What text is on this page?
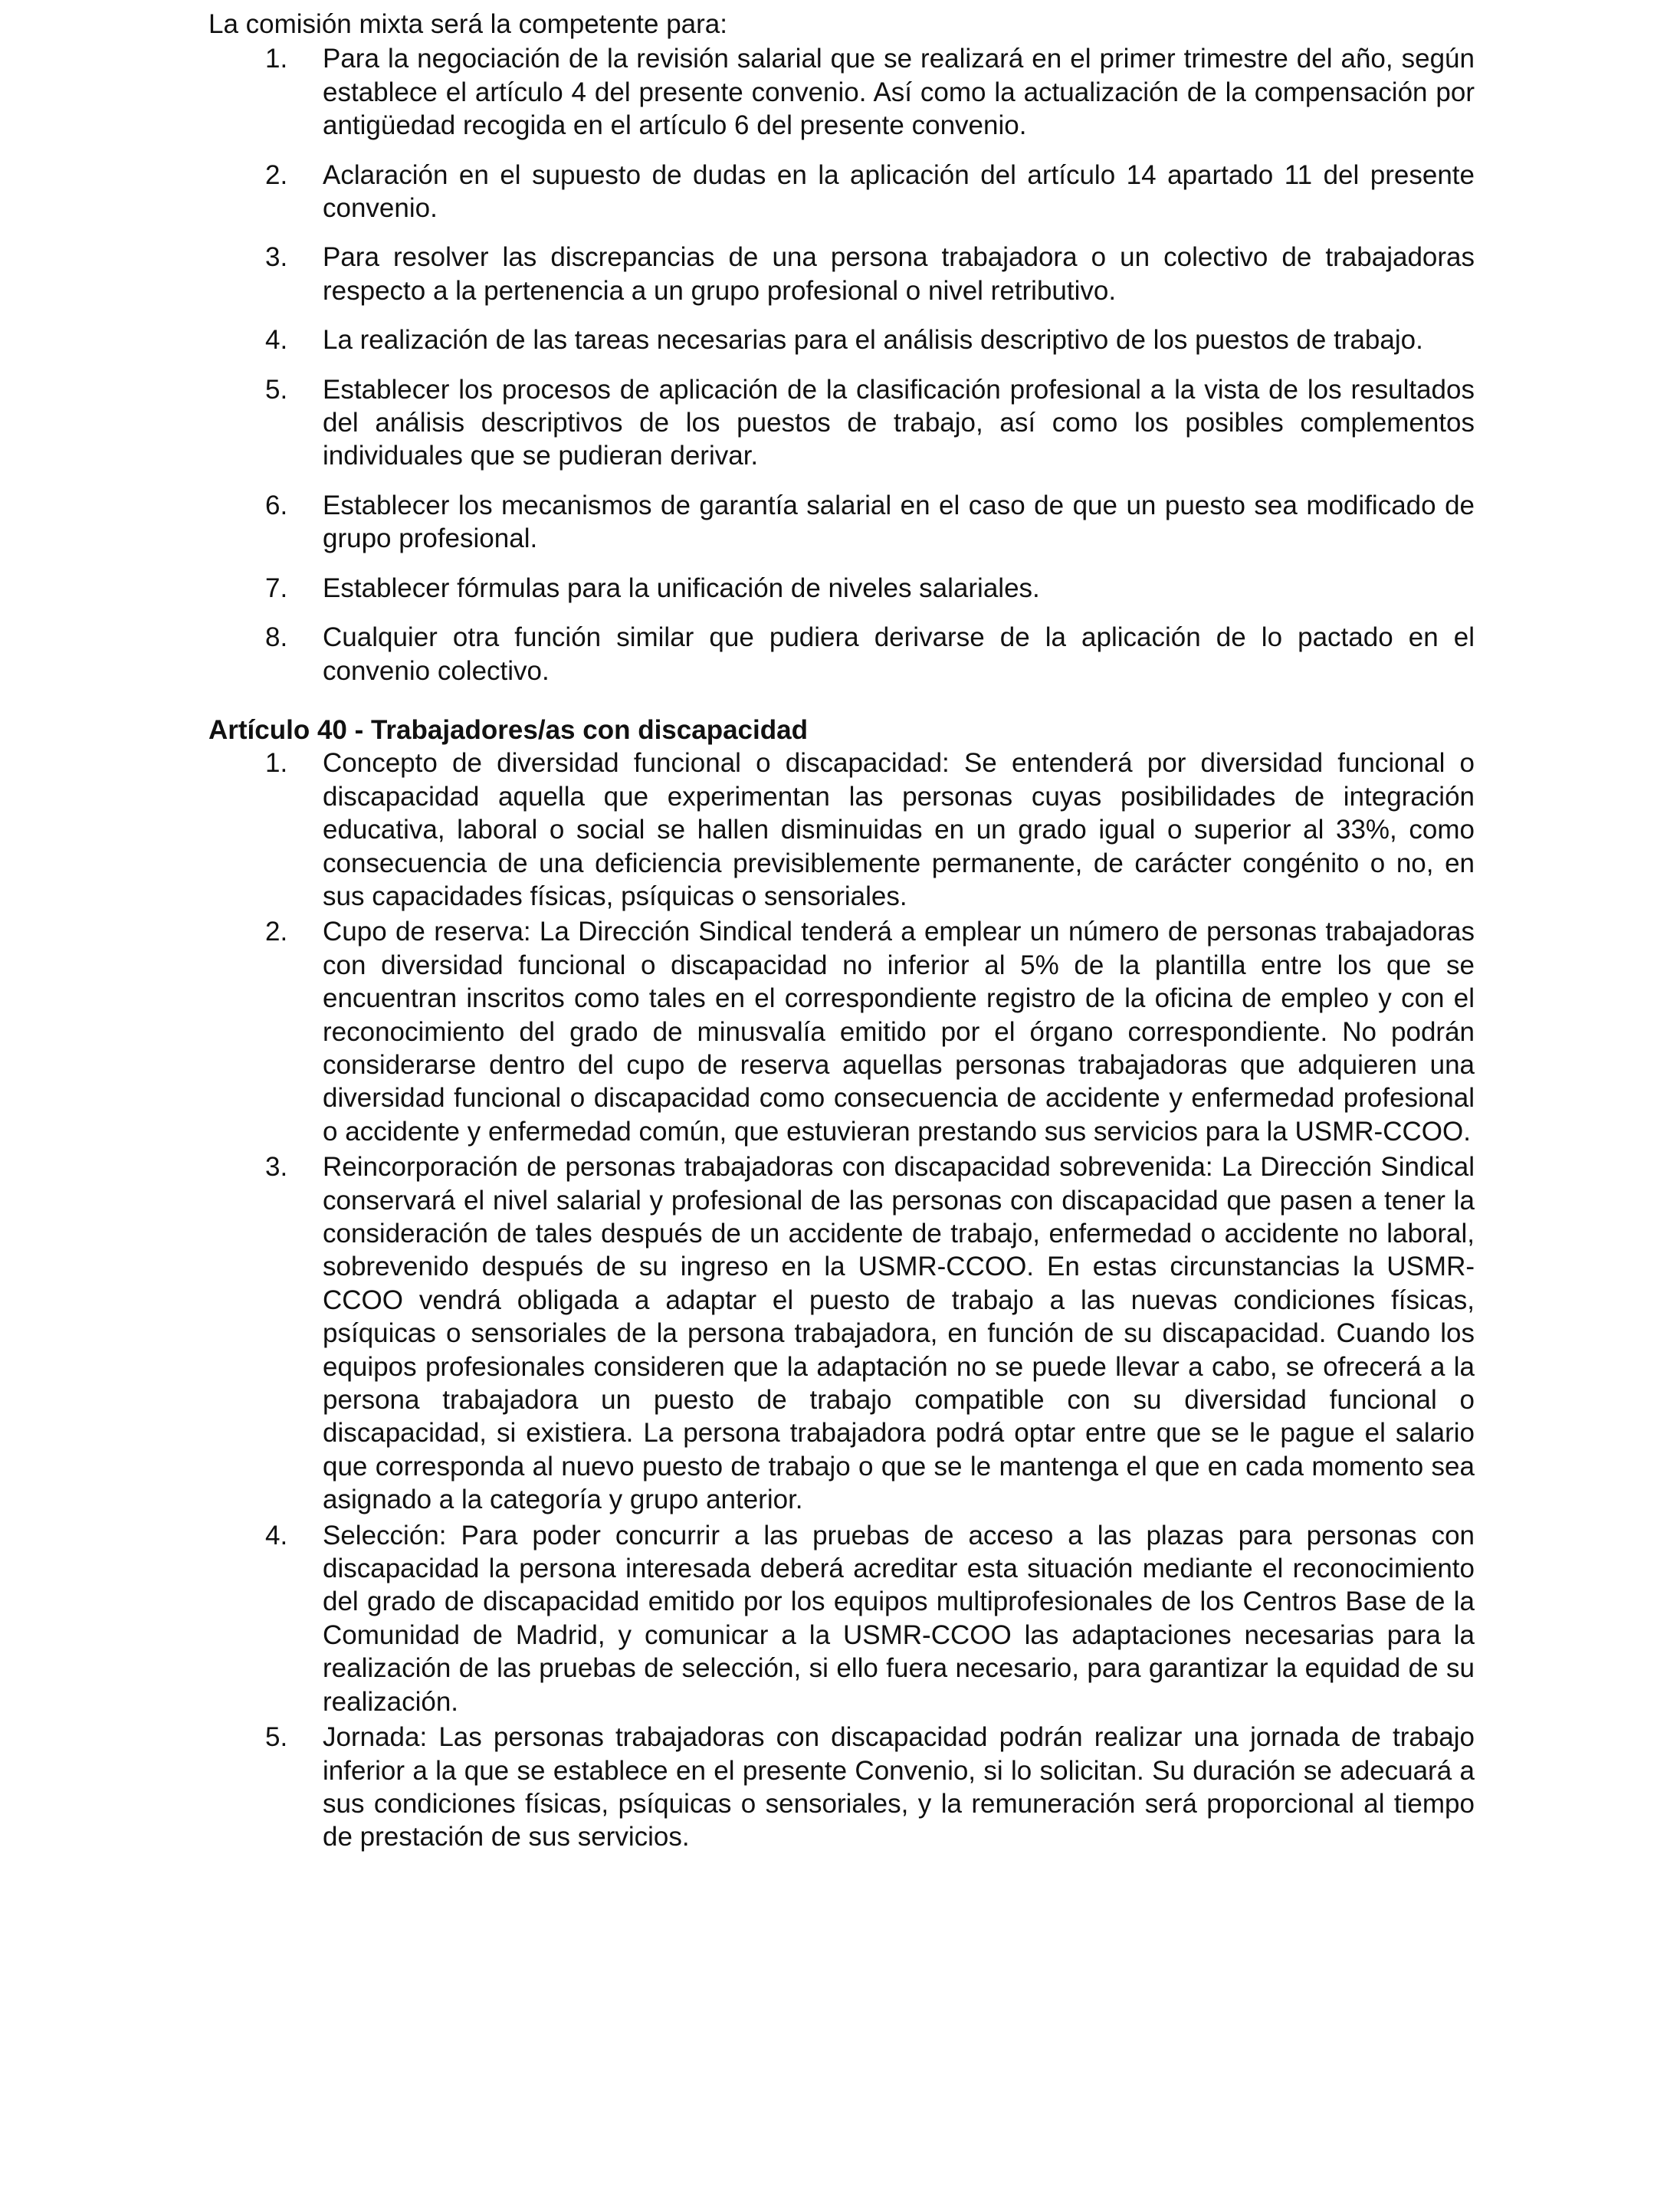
La comisión mixta será la competente para:

1. Para la negociación de la revisión salarial que se realizará en el primer trimestre del año, según establece el artículo 4 del presente convenio. Así como la actualización de la compensación por antigüedad recogida en el artículo 6 del presente convenio.
2. Aclaración en el supuesto de dudas en la aplicación del artículo 14 apartado 11 del presente convenio.
3. Para resolver las discrepancias de una persona trabajadora o un colectivo de trabajadoras respecto a la pertenencia a un grupo profesional o nivel retributivo.
4. La realización de las tareas necesarias para el análisis descriptivo de los puestos de trabajo.
5. Establecer los procesos de aplicación de la clasificación profesional a la vista de los resultados del análisis descriptivos de los puestos de trabajo, así como los posibles complementos individuales que se pudieran derivar.
6. Establecer los mecanismos de garantía salarial en el caso de que un puesto sea modificado de grupo profesional.
7. Establecer fórmulas para la unificación de niveles salariales.
8. Cualquier otra función similar que pudiera derivarse de la aplicación de lo pactado en el convenio colectivo.
Artículo 40 - Trabajadores/as con discapacidad
1. Concepto de diversidad funcional o discapacidad: Se entenderá por diversidad funcional o discapacidad aquella que experimentan las personas cuyas posibilidades de integración educativa, laboral o social se hallen disminuidas en un grado igual o superior al 33%, como consecuencia de una deficiencia previsiblemente permanente, de carácter congénito o no, en sus capacidades físicas, psíquicas o sensoriales.
2. Cupo de reserva: La Dirección Sindical tenderá a emplear un número de personas trabajadoras con diversidad funcional o discapacidad no inferior al 5% de la plantilla entre los que se encuentran inscritos como tales en el correspondiente registro de la oficina de empleo y con el reconocimiento del grado de minusvalía emitido por el órgano correspondiente. No podrán considerarse dentro del cupo de reserva aquellas personas trabajadoras que adquieren una diversidad funcional o discapacidad como consecuencia de accidente y enfermedad profesional o accidente y enfermedad común, que estuvieran prestando sus servicios para la USMR-CCOO.
3. Reincorporación de personas trabajadoras con discapacidad sobrevenida: La Dirección Sindical conservará el nivel salarial y profesional de las personas con discapacidad que pasen a tener la consideración de tales después de un accidente de trabajo, enfermedad o accidente no laboral, sobrevenido después de su ingreso en la USMR-CCOO. En estas circunstancias la USMR-CCOO vendrá obligada a adaptar el puesto de trabajo a las nuevas condiciones físicas, psíquicas o sensoriales de la persona trabajadora, en función de su discapacidad. Cuando los equipos profesionales consideren que la adaptación no se puede llevar a cabo, se ofrecerá a la persona trabajadora un puesto de trabajo compatible con su diversidad funcional o discapacidad, si existiera. La persona trabajadora podrá optar entre que se le pague el salario que corresponda al nuevo puesto de trabajo o que se le mantenga el que en cada momento sea asignado a la categoría y grupo anterior.
4. Selección: Para poder concurrir a las pruebas de acceso a las plazas para personas con discapacidad la persona interesada deberá acreditar esta situación mediante el reconocimiento del grado de discapacidad emitido por los equipos multiprofesionales de los Centros Base de la Comunidad de Madrid, y comunicar a la USMR-CCOO las adaptaciones necesarias para la realización de las pruebas de selección, si ello fuera necesario, para garantizar la equidad de su realización.
5. Jornada: Las personas trabajadoras con discapacidad podrán realizar una jornada de trabajo inferior a la que se establece en el presente Convenio, si lo solicitan. Su duración se adecuará a sus condiciones físicas, psíquicas o sensoriales, y la remuneración será proporcional al tiempo de prestación de sus servicios.
